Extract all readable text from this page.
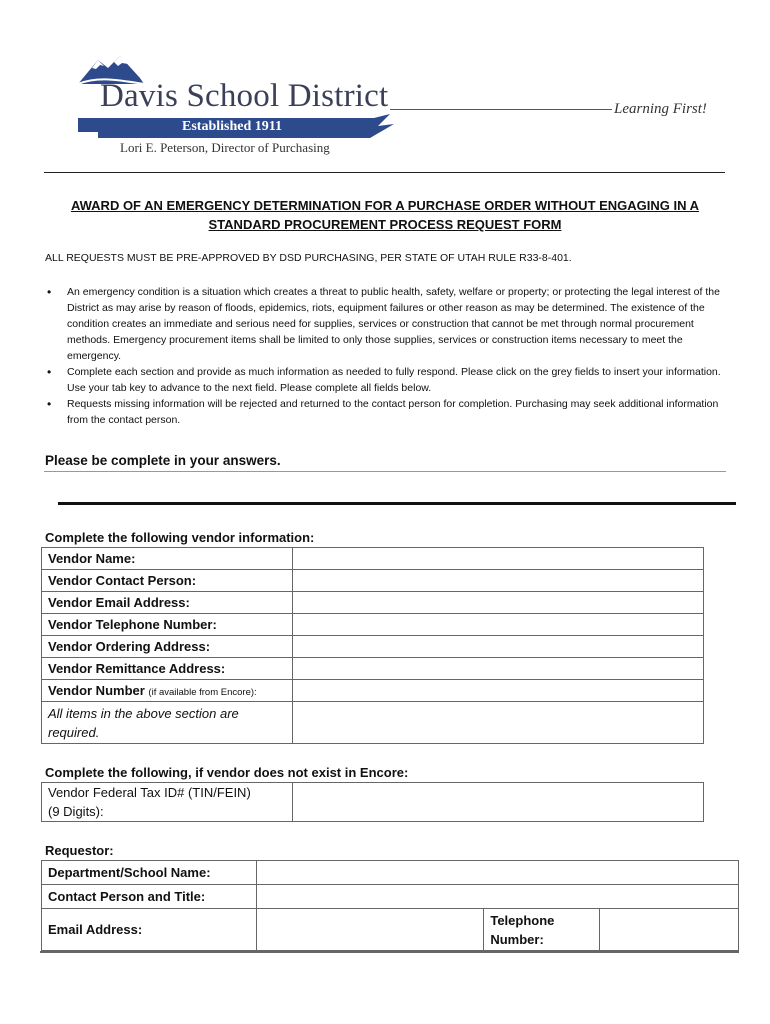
Davis School District	Learning First!
Established 1911
Lori E. Peterson, Director of Purchasing
AWARD OF AN EMERGENCY DETERMINATION FOR A PURCHASE ORDER WITHOUT ENGAGING IN A
STANDARD PROCUREMENT PROCESS REQUEST FORM
ALL REQUESTS MUST BE PRE-APPROVED BY DSD PURCHASING, PER STATE OF UTAH RULE R33-8-401.
• An emergency condition is a situation which creates a threat to public health, safety, welfare or property; or protecting the legal interest of the District as may arise by reason of floods, epidemics, riots, equipment failures or other reason as may be determined. The existence of the condition creates an immediate and serious need for supplies, services or construction that cannot be met through normal procurement methods. Emergency procurement items shall be limited to only those supplies, services or construction items necessary to meet the emergency.
• Complete each section and provide as much information as needed to fully respond. Please click on the grey fields to insert your information. Use your tab key to advance to the next field. Please complete all fields below.
• Requests missing information will be rejected and returned to the contact person for completion. Purchasing may seek additional information from the contact person.
Please be complete in your answers.
Complete the following vendor information:
Vendor Name:	
Vendor Contact Person:	
Vendor Email Address:	
Vendor Telephone Number:	
Vendor Ordering Address:	
Vendor Remittance Address:	
Vendor Number (if available from Encore):	

All items in the above section are
required.	

Complete the following, if vendor does not exist in Encore:
Vendor Federal Tax ID# (TIN/FEIN)
(9 Digits):

Requestor:
Department/School Name:			
Contact Person and Title:			
Email Address:		Telephone
Number:	
